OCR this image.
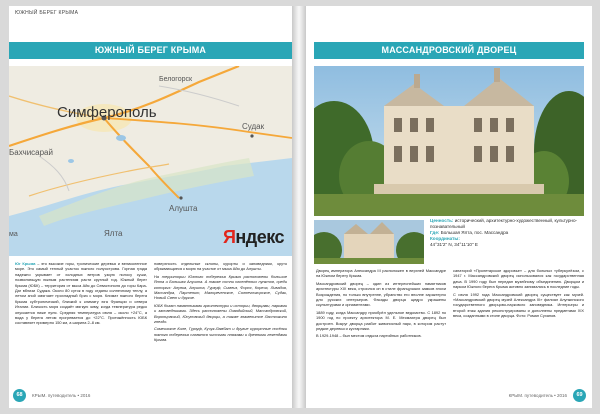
ЮЖНЫЙ БЕРЕГ КРЫМА
ЮЖНЫЙ БЕРЕГ КРЫМА
Белогорск
Симферополь
Бахчисарай
Судак
Алушта
Ялта
ма	Яндекс

Юг Крыма – это высокие горы, тропические деревья и великолепное море. Это самый теплый участок южного полуострова. Горная гряда надежно укрывает от холодных ветров узкую полосу суши, позволяющую южным растениям расти круглый год. Южный берег Крыма (ЮБК) – территория от мыса Айя до Севастополя до горы Кара-Даг вблизи Судака. Около 80 суток в году отданы солнечному теплу, а летом зной смягчает прохладный бриз с моря. Климат южного берега Крыма субтропический, близкий к климату юга Франции и севера Италии. Близость моря создаёт мягкую зиму, когда температура редко опускается ниже нуля. Средняя температура июля – около +24°С, а вода у берега летом прогревается до +22°С. Протяжённость ЮБК составляет примерно 150 км, а ширина 2–8 км.

поверхность отдельные склоны, курорты и заповедники, круто обрывающиеся к морю на участке от мыса Айя до Алушты.

На территории Южного побережья Крыма расположены большие Ялта и Большая Алушта. А также сотни населённых пунктов, среди которых: Алупка, Алушта, Гурзуф, Симеиз, Форос, Кореиз, Ливадия, Массандра, Партенит, Малореченское, Солнечногорское, Судак, Новый Свет и другие.

ЮБК богат памятниками архитектуры и истории, дворцами, парками и заповедниками. Здесь расположены Ливадийский, Массандровский, Воронцовский, Юсуповский дворцы, а также знаменитое Ласточкино гнездо.

Симеизское Киле, Гурзуф, Кучук-Ламбат и другие курортные посёлки южного побережья славятся чистыми пляжами и древними легендами Крыма.

68	КРЫМ. путеводитель • 2016
МАССАНДРОВСКИЙ ДВОРЕЦ
Ценность: исторический, архитектурно-художественный, культурно-познавательный
Где: Большая Ялта, пос. Массандра
Координаты:
44°31'2" N, 34°11'10" E

Дворец императора Александра III расположен в верхней Массандре на Южном берегу Крыма.

Массандровский дворец – один из интереснейших памятников архитектуры XIX века, строился он в стиле французских замков эпохи Возрождения, но только внутренне, убранство его вполне характерно для русских интерьеров. Фасады дворца щедро украшены скульптурами и орнаментами.

1889 году, когда Массандру приобрёл удельное ведомство. С 1892 по 1900 год по проекту архитектора М. Е. Месмахера дворец был достроен. Вокруг дворца разбит живописный парк, в котором растут редкие деревья и кустарники.

В 1929-1948 – был местом отдыха партийных работников.

санаторий «Пролетарское здоровье» – для больных туберкулёзом, с 1947 г. Массандровский дворец использовался как государственная дача. В 1990 году был передан музейному объединению. Дворцом и парком Южного берега Крыма активно занимались в последние годы.

С июля 1992 года Массандровский дворец существует как музей. «Массандровский дворец музей Александра III» филиал Алупкинского государственного дворцово-паркового заповедника. Интерьеры и второй этаж здания реконструированы и дополнены предметами XIX века, созданными в стиле дворца. Фото: Роман Суханов.

КРЫМ. путеводитель • 2016	69
